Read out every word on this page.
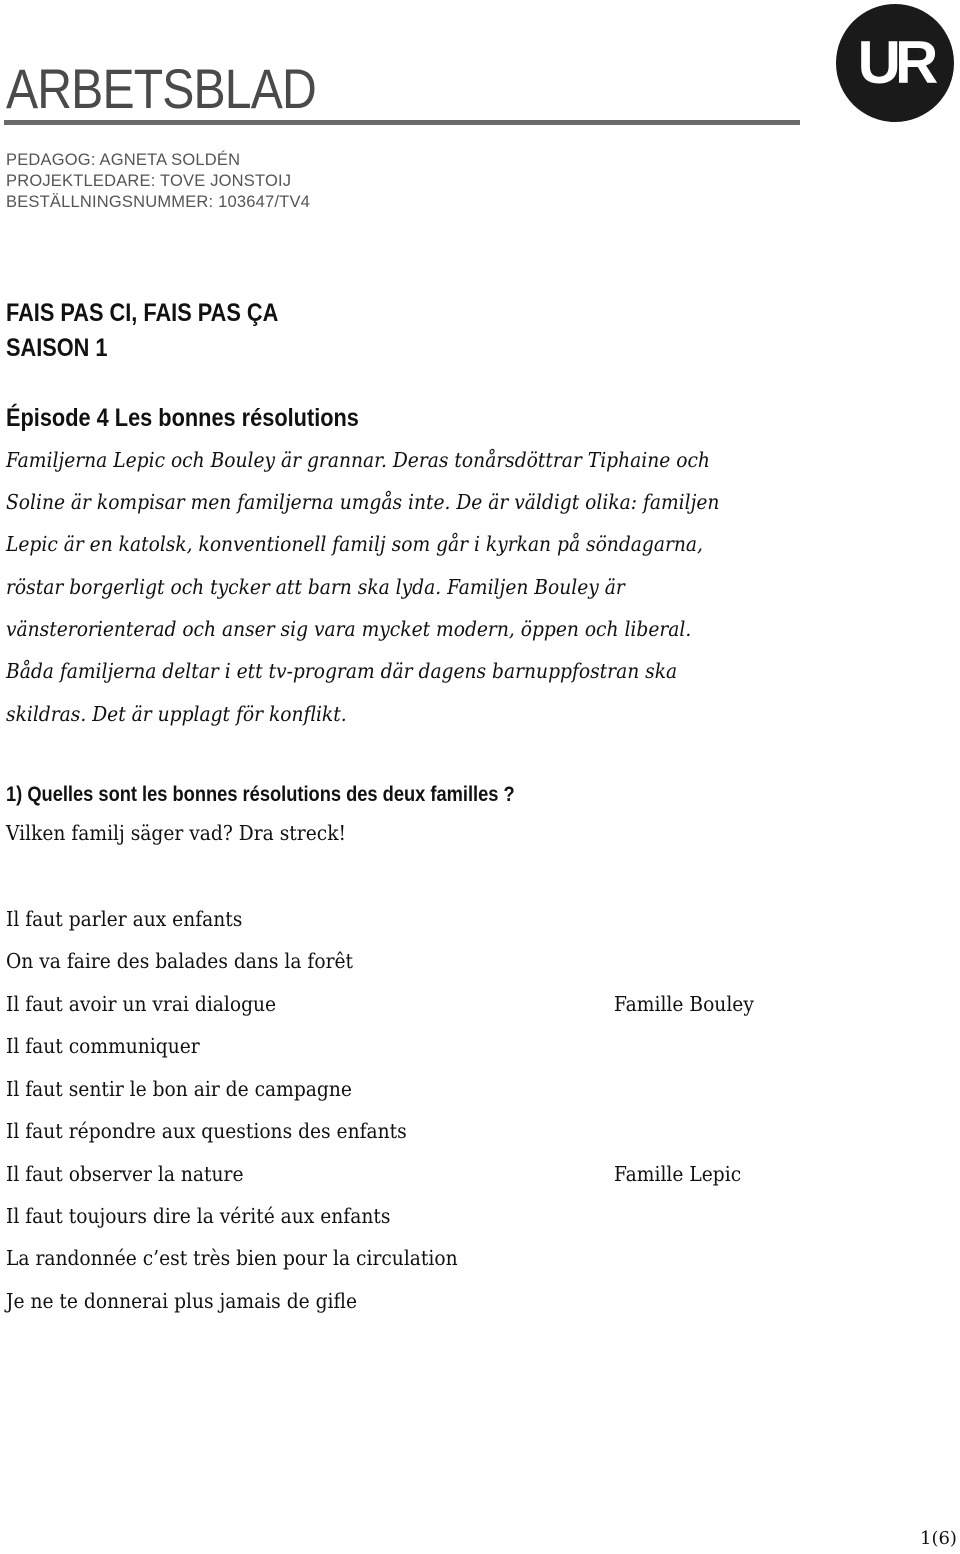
ARBETSBLAD	UR
PEDAGOG: AGNETA SOLDÉN
PROJEKTLEDARE: TOVE JONSTOIJ
BESTÄLLNINGSNUMMER: 103647/TV4
FAIS PAS CI, FAIS PAS ÇA
SAISON 1
Épisode 4 Les bonnes résolutions
Familjerna Lepic och Bouley är grannar. Deras tonårsdöttrar Tiphaine och
Soline är kompisar men familjerna umgås inte. De är väldigt olika: familjen
Lepic är en katolsk, konventionell familj som går i kyrkan på söndagarna,
röstar borgerligt och tycker att barn ska lyda. Familjen Bouley är
vänsterorienterad och anser sig vara mycket modern, öppen och liberal.
Båda familjerna deltar i ett tv-program där dagens barnuppfostran ska
skildras. Det är upplagt för konflikt.
1) Quelles sont les bonnes résolutions des deux familles ?
Vilken familj säger vad? Dra streck!
Il faut parler aux enfants
On va faire des balades dans la forêt
Il faut avoir un vrai dialogue
Il faut communiquer
Il faut sentir le bon air de campagne
Il faut répondre aux questions des enfants
Il faut observer la nature
Il faut toujours dire la vérité aux enfants
La randonnée c’est très bien pour la circulation
Je ne te donnerai plus jamais de gifle
Famille Bouley
Famille Lepic
1(6)
